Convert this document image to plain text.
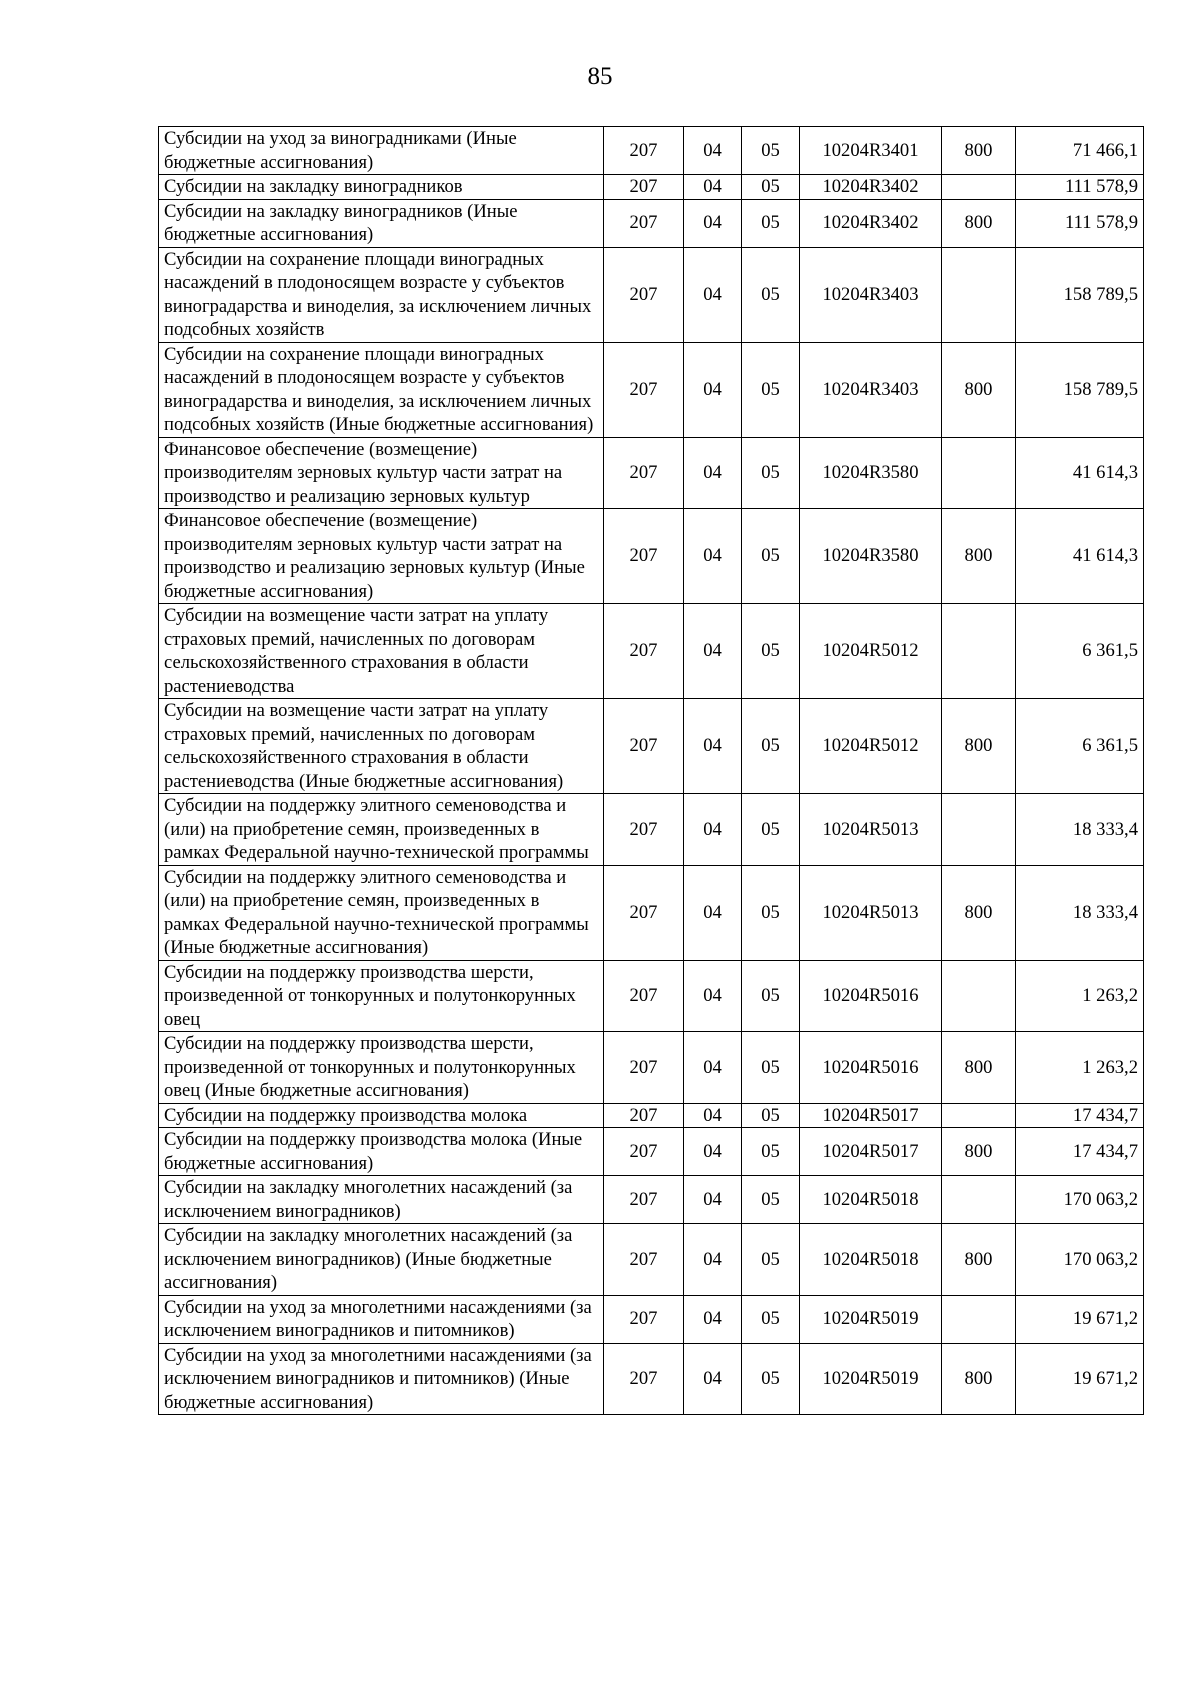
85
Субсидии на уход за виноградниками (Иные бюджетные ассигнования)	207	04	05	10204R3401	800	71 466,1
Субсидии на закладку виноградников	207	04	05	10204R3402		111 578,9
Субсидии на закладку виноградников (Иные бюджетные ассигнования)	207	04	05	10204R3402	800	111 578,9
Субсидии на сохранение площади виноградных насаждений в плодоносящем возрасте у субъектов виноградарства и виноделия, за исключением личных подсобных хозяйств	207	04	05	10204R3403		158 789,5
Субсидии на сохранение площади виноградных насаждений в плодоносящем возрасте у субъектов виноградарства и виноделия, за исключением личных подсобных хозяйств (Иные бюджетные ассигнования)	207	04	05	10204R3403	800	158 789,5
Финансовое обеспечение (возмещение) производителям зерновых культур части затрат на производство и реализацию зерновых культур	207	04	05	10204R3580		41 614,3
Финансовое обеспечение (возмещение) производителям зерновых культур части затрат на производство и реализацию зерновых культур (Иные бюджетные ассигнования)	207	04	05	10204R3580	800	41 614,3
Субсидии на возмещение части затрат на уплату страховых премий, начисленных по договорам сельскохозяйственного страхования в области растениеводства	207	04	05	10204R5012		6 361,5
Субсидии на возмещение части затрат на уплату страховых премий, начисленных по договорам сельскохозяйственного страхования в области растениеводства (Иные бюджетные ассигнования)	207	04	05	10204R5012	800	6 361,5
Субсидии на поддержку элитного семеноводства и (или) на приобретение семян, произведенных в рамках Федеральной научно-технической программы	207	04	05	10204R5013		18 333,4
Субсидии на поддержку элитного семеноводства и (или) на приобретение семян, произведенных в рамках Федеральной научно-технической программы (Иные бюджетные ассигнования)	207	04	05	10204R5013	800	18 333,4
Субсидии на поддержку производства шерсти, произведенной от тонкорунных и полутонкорунных овец	207	04	05	10204R5016		1 263,2
Субсидии на поддержку производства шерсти, произведенной от тонкорунных и полутонкорунных овец (Иные бюджетные ассигнования)	207	04	05	10204R5016	800	1 263,2
Субсидии на поддержку производства молока	207	04	05	10204R5017		17 434,7
Субсидии на поддержку производства молока (Иные бюджетные ассигнования)	207	04	05	10204R5017	800	17 434,7
Субсидии на закладку многолетних насаждений (за исключением виноградников)	207	04	05	10204R5018		170 063,2
Субсидии на закладку многолетних насаждений (за исключением виноградников) (Иные бюджетные ассигнования)	207	04	05	10204R5018	800	170 063,2
Субсидии на уход за многолетними насаждениями (за исключением виноградников и питомников)	207	04	05	10204R5019		19 671,2
Субсидии на уход за многолетними насаждениями (за исключением виноградников и питомников) (Иные бюджетные ассигнования)	207	04	05	10204R5019	800	19 671,2
